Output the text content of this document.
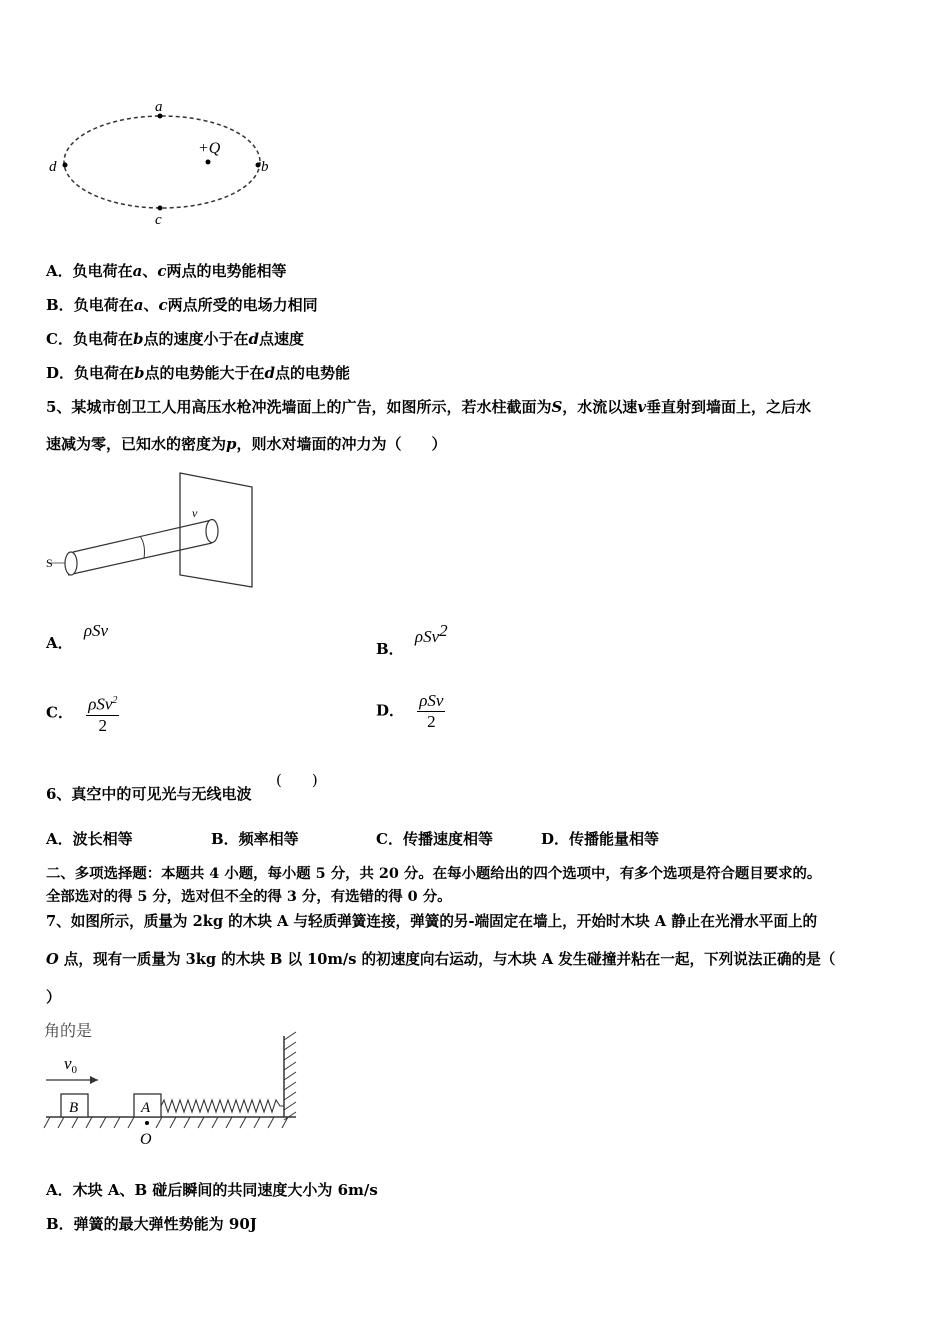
a
b
c
d
+Q
A．负电荷在a、c两点的电势能相等
B．负电荷在a、c两点所受的电场力相同
C．负电荷在b点的速度小于在d点速度
D．负电荷在b点的电势能大于在d点的电势能
5、某城市创卫工人用高压水枪冲洗墙面上的广告，如图所示，若水柱截面为S，水流以速v垂直射到墙面上，之后水
速减为零，已知水的密度为p，则水对墙面的冲力为（　　）
S
v
A． ρSv
B． ρSv$^2$
C． $\frac{\rho Sv^2}{2}$	D． $\frac{\text{ρSv}}{2}$
6、真空中的可见光与无线电波
(　　)
A．波长相等	B．频率相等	C．传播速度相等	D．传播能量相等
二、多项选择题：本题共 4 小题，每小题 5 分，共 20 分。在每小题给出的四个选项中，有多个选项是符合题目要求的。
全部选对的得 5 分，选对但不全的得 3 分，有选错的得 0 分。
7、如图所示，质量为 2kg 的木块 A 与轻质弹簧连接，弹簧的另-端固定在墙上，开始时木块 A 静止在光滑水平面上的
O 点，现有一质量为 3kg 的木块 B 以 10m/s 的初速度向右运动，与木块 A 发生碰撞并粘在一起，下列说法正确的是（
）
角的是
$v_0$
B	A
O
A．木块 A、B 碰后瞬间的共同速度大小为 6m/s
B．弹簧的最大弹性势能为 90J
